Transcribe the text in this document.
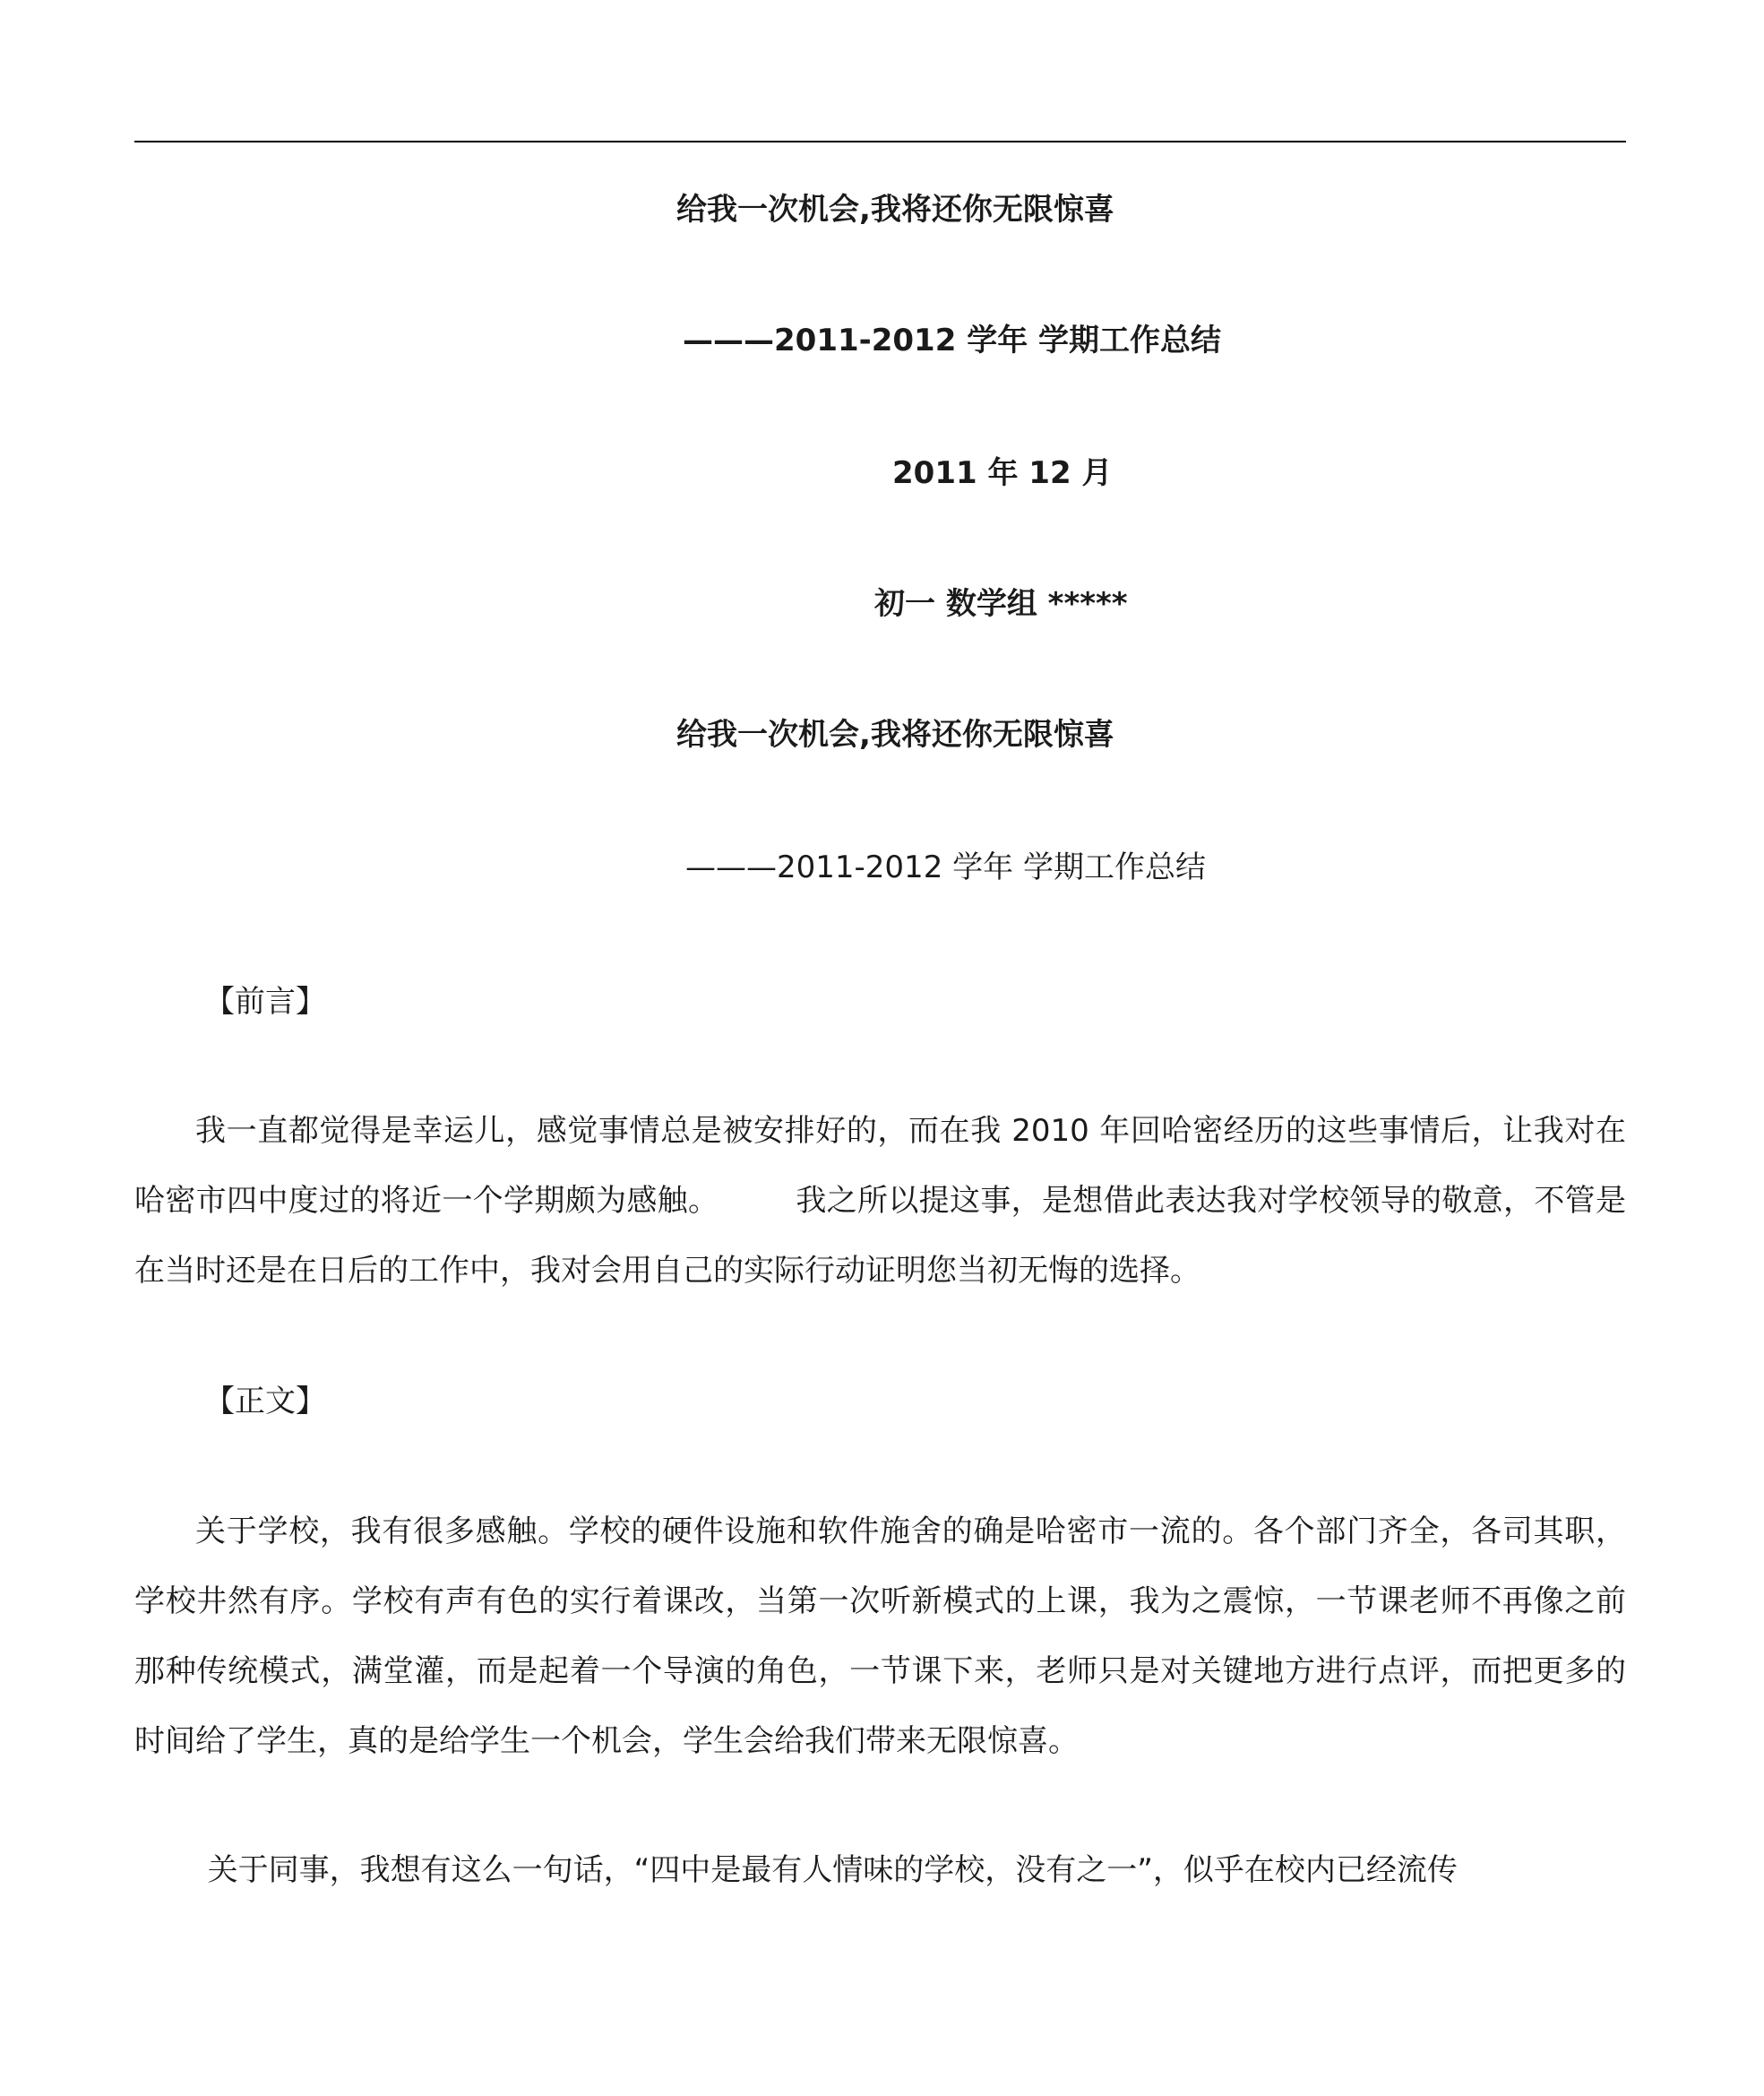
给我一次机会,我将还你无限惊喜
———2011-2012 学年 学期工作总结
2011 年 12 月
初一 数学组 *****
给我一次机会,我将还你无限惊喜
———2011-2012 学年 学期工作总结
【前言】
我一直都觉得是幸运儿，感觉事情总是被安排好的，而在我 2010 年回哈密经历的这些事情后，让我对在哈密市四中度过的将近一个学期颇为感触。　　　我之所以提这事，是想借此表达我对学校领导的敬意，不管是在当时还是在日后的工作中，我对会用自己的实际行动证明您当初无悔的选择。
【正文】
关于学校，我有很多感触。学校的硬件设施和软件施舍的确是哈密市一流的。各个部门齐全，各司其职，学校井然有序。学校有声有色的实行着课改，当第一次听新模式的上课，我为之震惊，一节课老师不再像之前那种传统模式，满堂灌，而是起着一个导演的角色，一节课下来，老师只是对关键地方进行点评，而把更多的时间给了学生，真的是给学生一个机会，学生会给我们带来无限惊喜。
关于同事，我想有这么一句话，“四中是最有人情味的学校，没有之一”，似乎在校内已经流传
